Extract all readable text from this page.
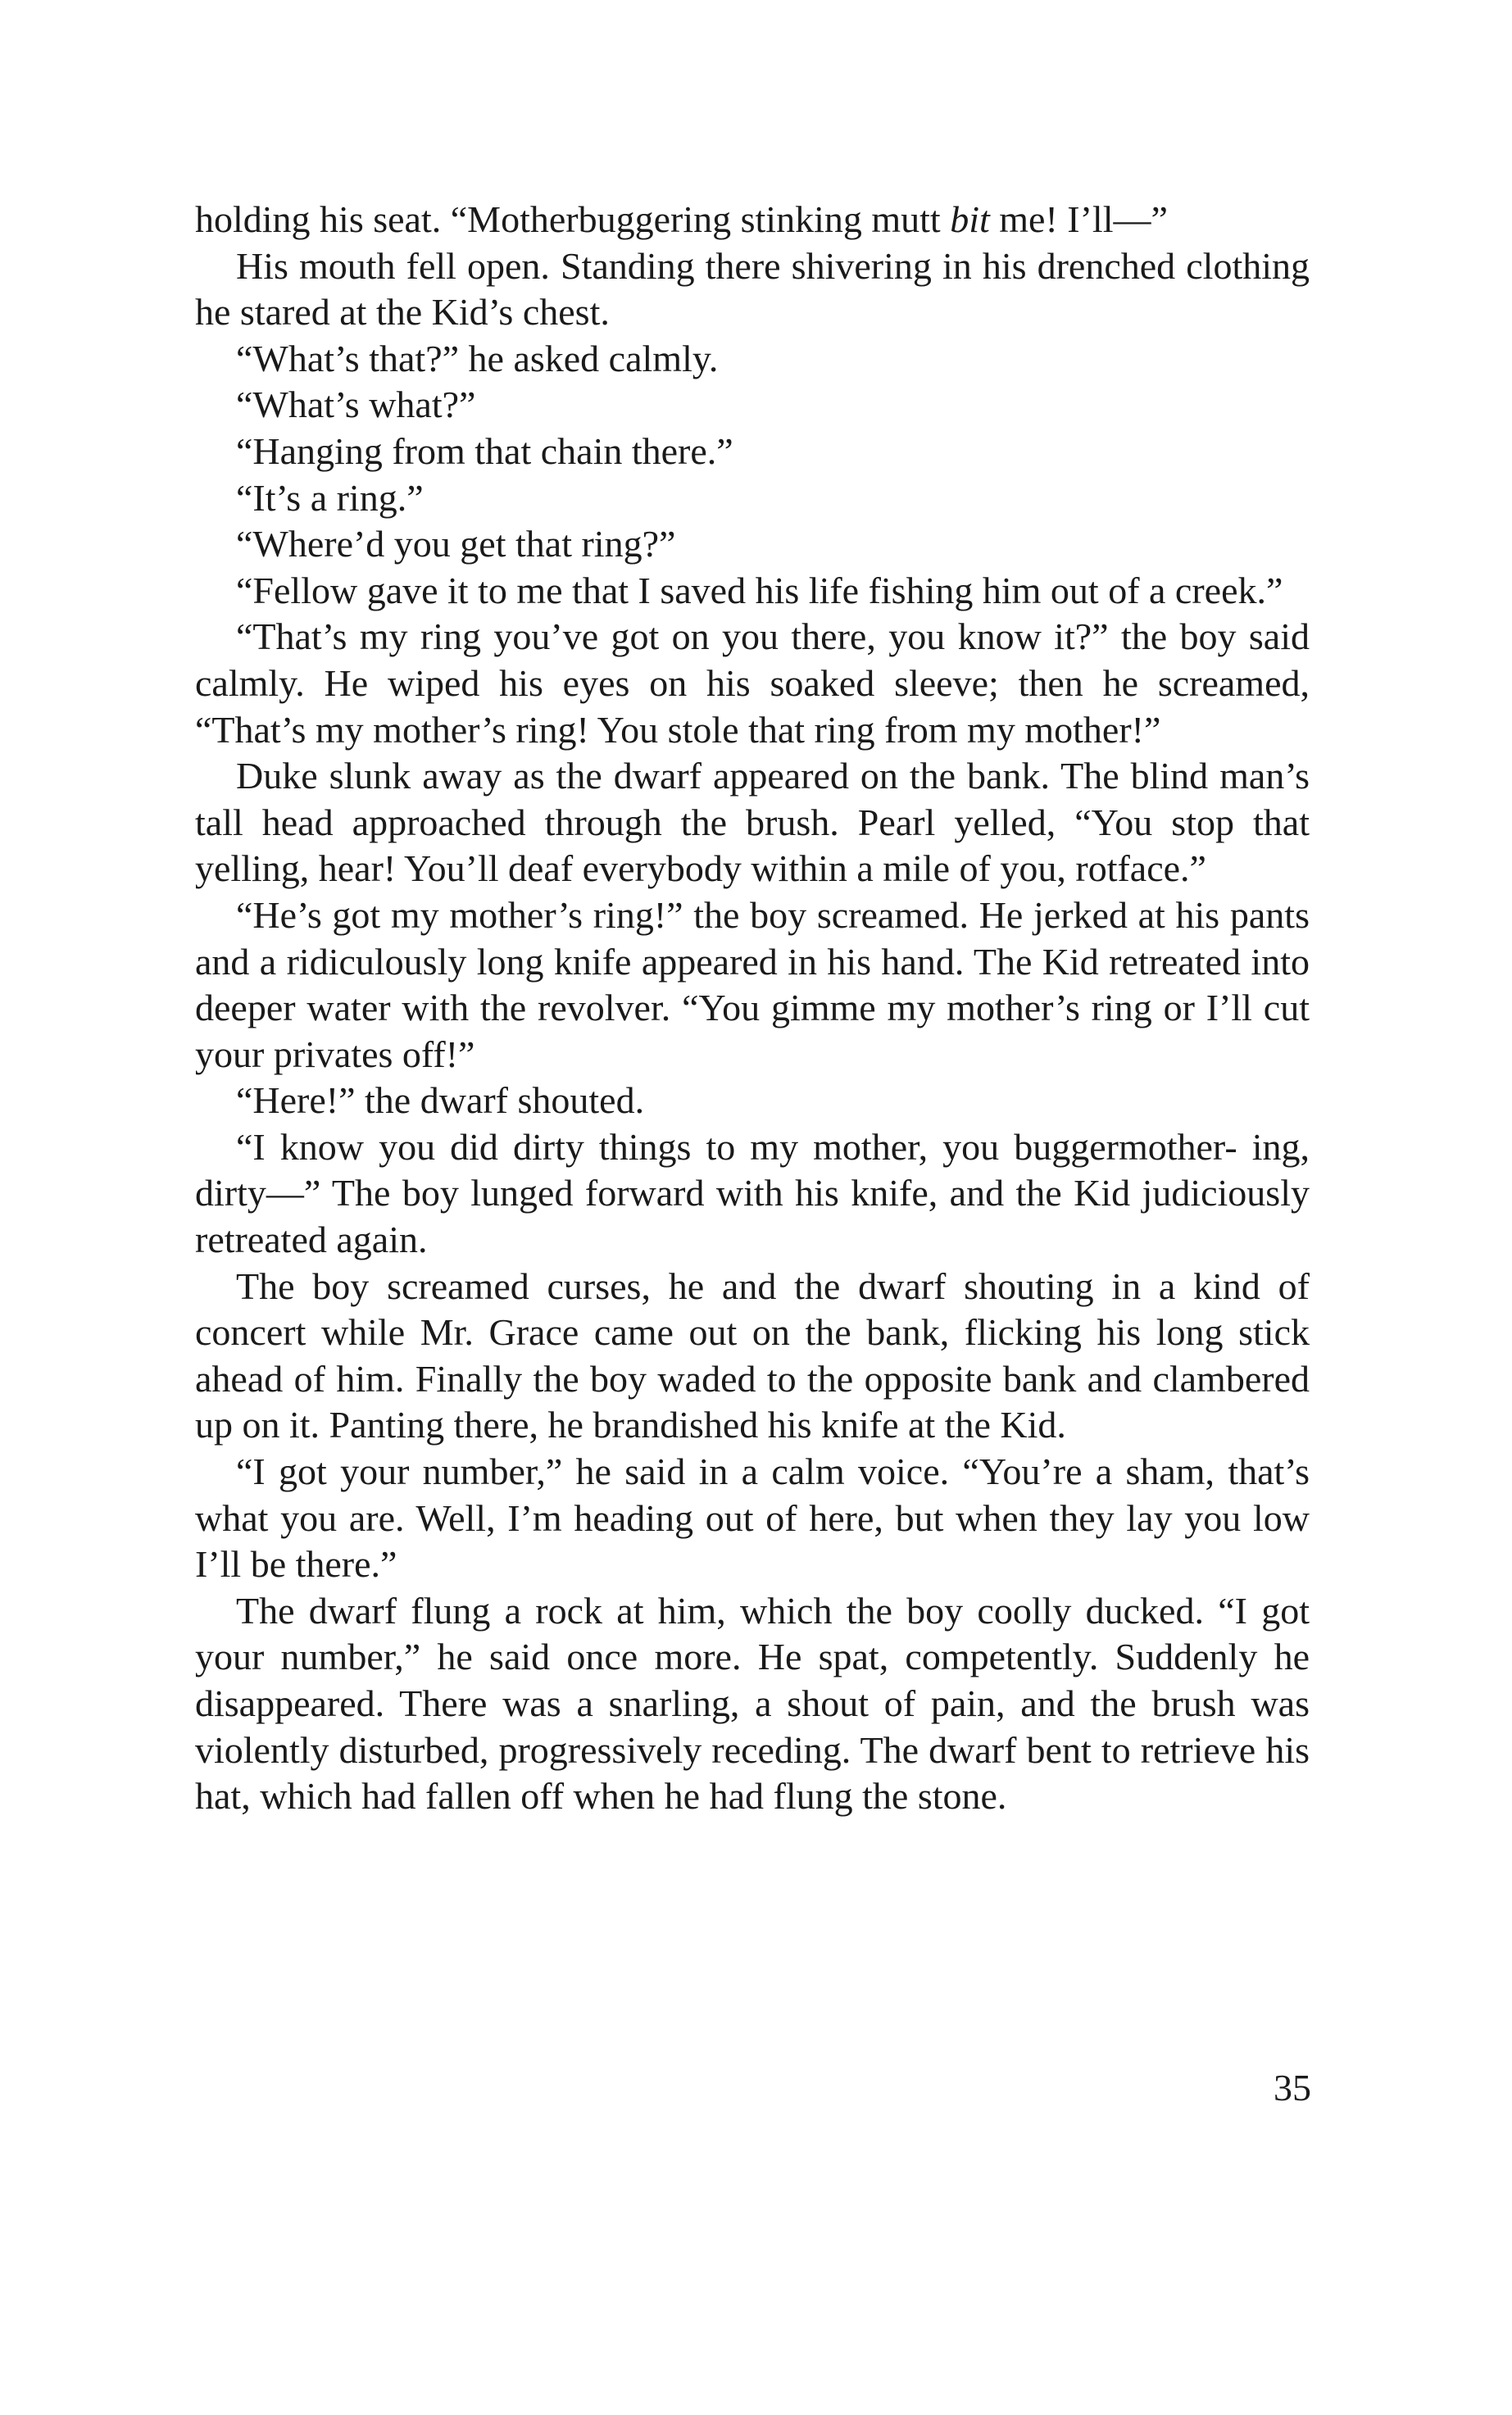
holding his seat. “Motherbuggering stinking mutt bit me! I’ll—”

His mouth fell open. Standing there shivering in his drenched clothing he stared at the Kid’s chest.

“What’s that?” he asked calmly.

“What’s what?”

“Hanging from that chain there.”

“It’s a ring.”

“Where’d you get that ring?”

“Fellow gave it to me that I saved his life fishing him out of a creek.”

“That’s my ring you’ve got on you there, you know it?” the boy said calmly. He wiped his eyes on his soaked sleeve; then he screamed, “That’s my mother’s ring! You stole that ring from my mother!”

Duke slunk away as the dwarf appeared on the bank. The blind man’s tall head approached through the brush. Pearl yelled, “You stop that yelling, hear! You’ll deaf everybody within a mile of you, rotface.”

“He’s got my mother’s ring!” the boy screamed. He jerked at his pants and a ridiculously long knife appeared in his hand. The Kid retreated into deeper water with the revolver. “You gimme my mother’s ring or I’ll cut your privates off!”

“Here!” the dwarf shouted.

“I know you did dirty things to my mother, you buggermother- ing, dirty—” The boy lunged forward with his knife, and the Kid judiciously retreated again.

The boy screamed curses, he and the dwarf shouting in a kind of concert while Mr. Grace came out on the bank, flicking his long stick ahead of him. Finally the boy waded to the opposite bank and clambered up on it. Panting there, he brandished his knife at the Kid.

“I got your number,” he said in a calm voice. “You’re a sham, that’s what you are. Well, I’m heading out of here, but when they lay you low I’ll be there.”

The dwarf flung a rock at him, which the boy coolly ducked. “I got your number,” he said once more. He spat, competently. Suddenly he disappeared. There was a snarling, a shout of pain, and the brush was violently disturbed, progressively receding. The dwarf bent to retrieve his hat, which had fallen off when he had flung the stone.

35
